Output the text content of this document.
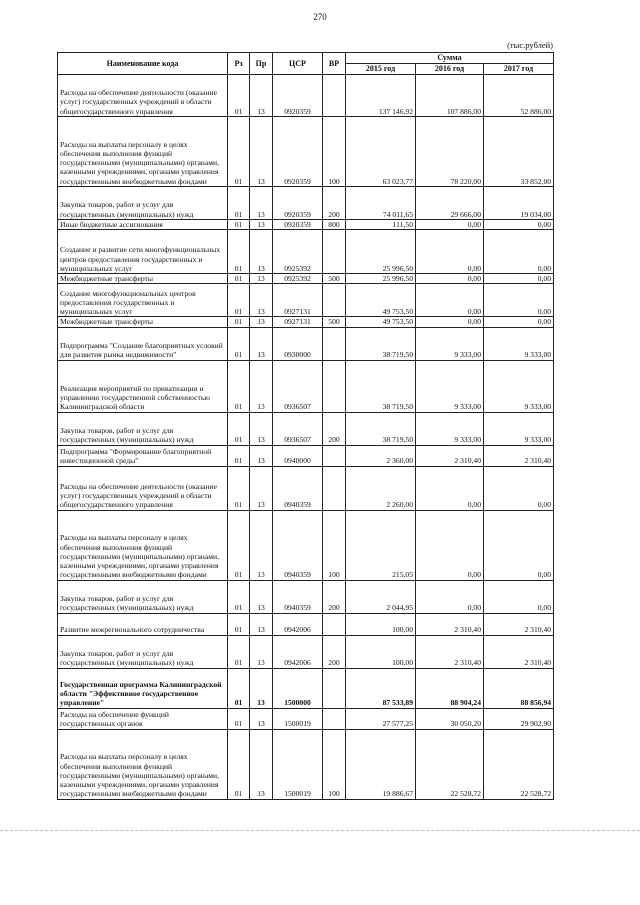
270
(тыс.рублей)
Наименование кода	Рз	Пр	ЦСР	ВР	Сумма		
					2015 год	2016 год	2017 год
Расходы на обеспечение деятельности (оказание услуг) государственных учреждений в области общегосударственного управления	01	13	0920359		137 146,92	107 886,00	52 886,00
Расходы на выплаты персоналу в целях обеспечения выполнения функций государственными (муниципальными) органами, казенными учреждениями, органами управления государственными внебюджетными фондами	01	13	0920359	100	63 023,77	78 220,00	33 852,00
Закупка товаров, работ и услуг для государственных (муниципальных) нужд	01	13	0920359	200	74 011,65	29 666,00	19 034,00
Иные бюджетные ассигнования	01	13	0920359	800	111,50	0,00	0,00
Создание и развитие сети многофункциональных центров предоставления государственных и муниципальных услуг	01	13	0925392		25 996,50	0,00	0,00
Межбюджетные трансферты	01	13	0925392	500	25 996,50	0,00	0,00
Создание многофункциональных центров предоставления государственных и муниципальных услуг	01	13	0927131		49 753,50	0,00	0,00
Межбюджетные трансферты	01	13	0927131	500	49 753,50	0,00	0,00
Подпрограмма "Создание благоприятных условий для развития рынка недвижимости"	01	13	0930000		38 719,50	9 333,00	9 333,00
Реализация мероприятий по приватизации и управлению государственной собственностью Калининградской области	01	13	0936507		38 719,50	9 333,00	9 333,00
Закупка товаров, работ и услуг для государственных (муниципальных) нужд	01	13	0936507	200	38 719,50	9 333,00	9 333,00
Подпрограмма "Формирование благоприятной инвестиционной среды"	01	13	0940000		2 360,00	2 310,40	2 310,40
Расходы на обеспечение деятельности (оказание услуг) государственных учреждений в области общегосударственного управления	01	13	0940359		2 260,00	0,00	0,00
Расходы на выплаты персоналу в целях обеспечения выполнения функций государственными (муниципальными) органами, казенными учреждениями, органами управления государственными внебюджетными фондами	01	13	0940359	100	215,05	0,00	0,00
Закупка товаров, работ и услуг для государственных (муниципальных) нужд	01	13	0940359	200	2 044,95	0,00	0,00
Развитие межрегионального сотрудничества	01	13	0942006		100,00	2 310,40	2 310,40
Закупка товаров, работ и услуг для государственных (муниципальных) нужд	01	13	0942006	200	100,00	2 310,40	2 310,40
Государственная программа Калининградской области "Эффективное государственное управление"	01	13	1500000		87 533,89	88 904,24	88 856,94
Расходы на обеспечение функций государственных органов	01	13	1500019		27 577,25	30 050,20	29 902,90
Расходы на выплаты персоналу в целях обеспечения выполнения функций государственными (муниципальными) органами, казенными учреждениями, органами управления государственными внебюджетными фондами	01	13	1500019	100	19 886,67	22 528,72	22 528,72
